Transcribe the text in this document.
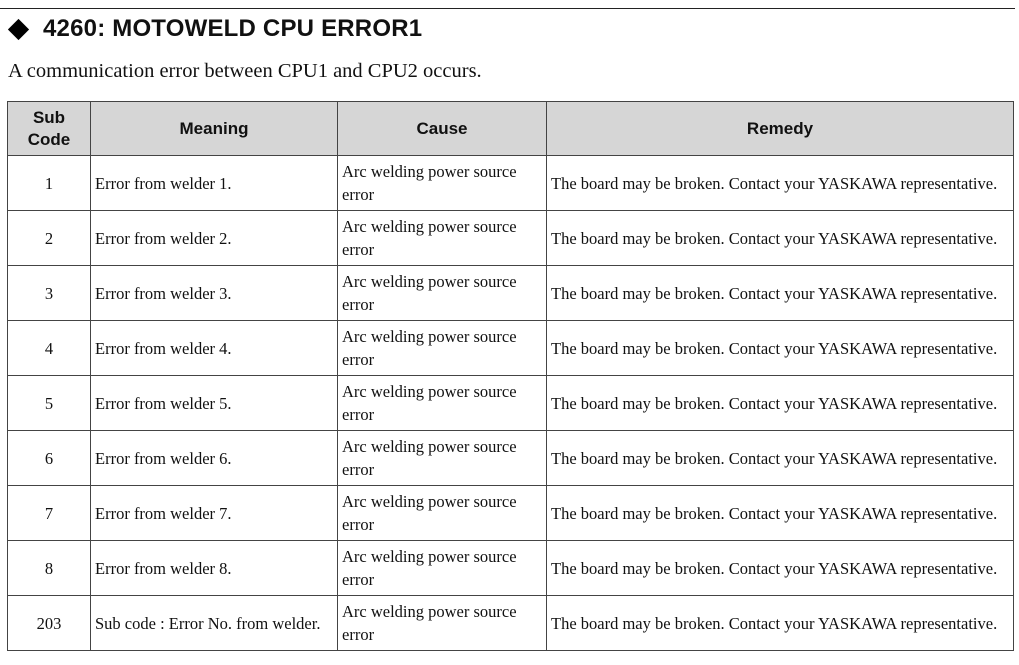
4260: MOTOWELD CPU ERROR1
A communication error between CPU1 and CPU2 occurs.
Sub
Code	Meaning	Cause	Remedy
1	Error from welder 1.	Arc welding power source error	The board may be broken. Contact your YASKAWA representative.
2	Error from welder 2.	Arc welding power source error	The board may be broken. Contact your YASKAWA representative.
3	Error from welder 3.	Arc welding power source error	The board may be broken. Contact your YASKAWA representative.
4	Error from welder 4.	Arc welding power source error	The board may be broken. Contact your YASKAWA representative.
5	Error from welder 5.	Arc welding power source error	The board may be broken. Contact your YASKAWA representative.
6	Error from welder 6.	Arc welding power source error	The board may be broken. Contact your YASKAWA representative.
7	Error from welder 7.	Arc welding power source error	The board may be broken. Contact your YASKAWA representative.
8	Error from welder 8.	Arc welding power source error	The board may be broken. Contact your YASKAWA representative.
203	Sub code : Error No. from welder.	Arc welding power source error	The board may be broken. Contact your YASKAWA representative.
